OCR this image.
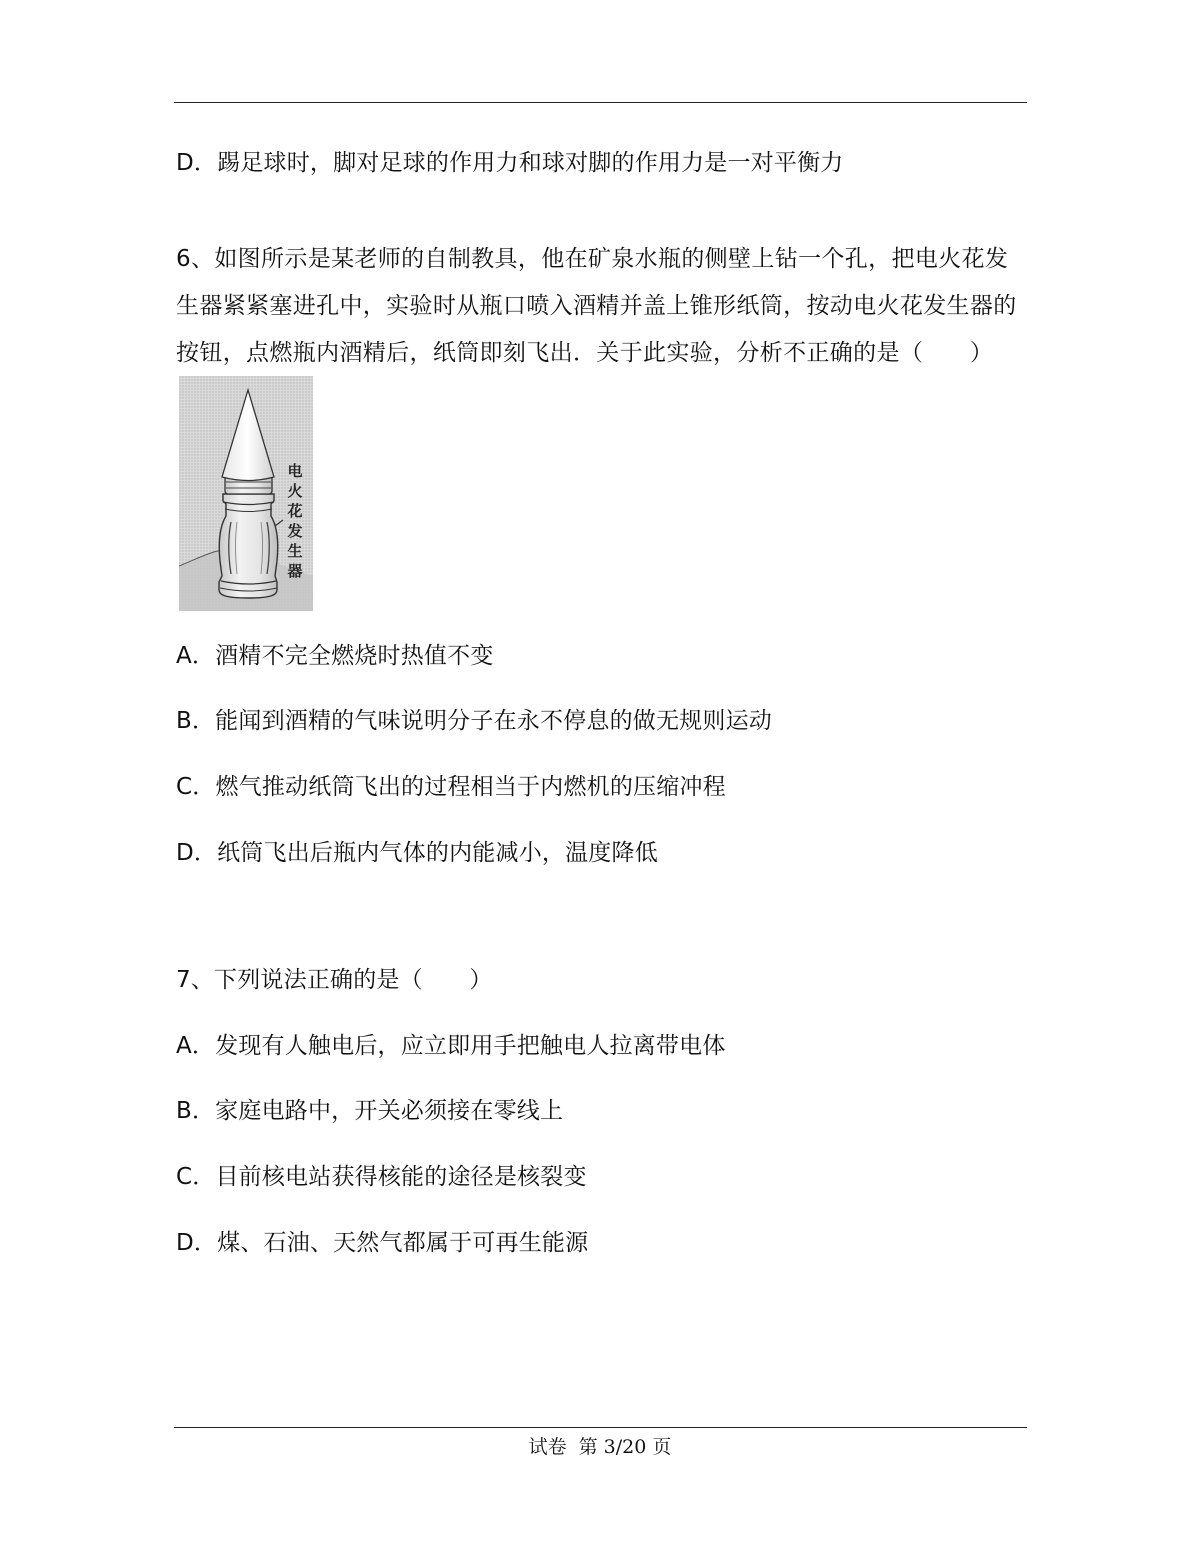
D．踢足球时，脚对足球的作用力和球对脚的作用力是一对平衡力
6、如图所示是某老师的自制教具，他在矿泉水瓶的侧壁上钻一个孔，把电火花发
生器紧紧塞进孔中，实验时从瓶口喷入酒精并盖上锥形纸筒，按动电火花发生器的
按钮，点燃瓶内酒精后，纸筒即刻飞出．关于此实验，分析不正确的是（　　）
电
火
花
发
生
器
A．酒精不完全燃烧时热值不变
B．能闻到酒精的气味说明分子在永不停息的做无规则运动
C．燃气推动纸筒飞出的过程相当于内燃机的压缩冲程
D．纸筒飞出后瓶内气体的内能减小，温度降低
7、下列说法正确的是（　　）
A．发现有人触电后，应立即用手把触电人拉离带电体
B．家庭电路中，开关必须接在零线上
C．目前核电站获得核能的途径是核裂变
D．煤、石油、天然气都属于可再生能源
试卷 第 3/20 页
